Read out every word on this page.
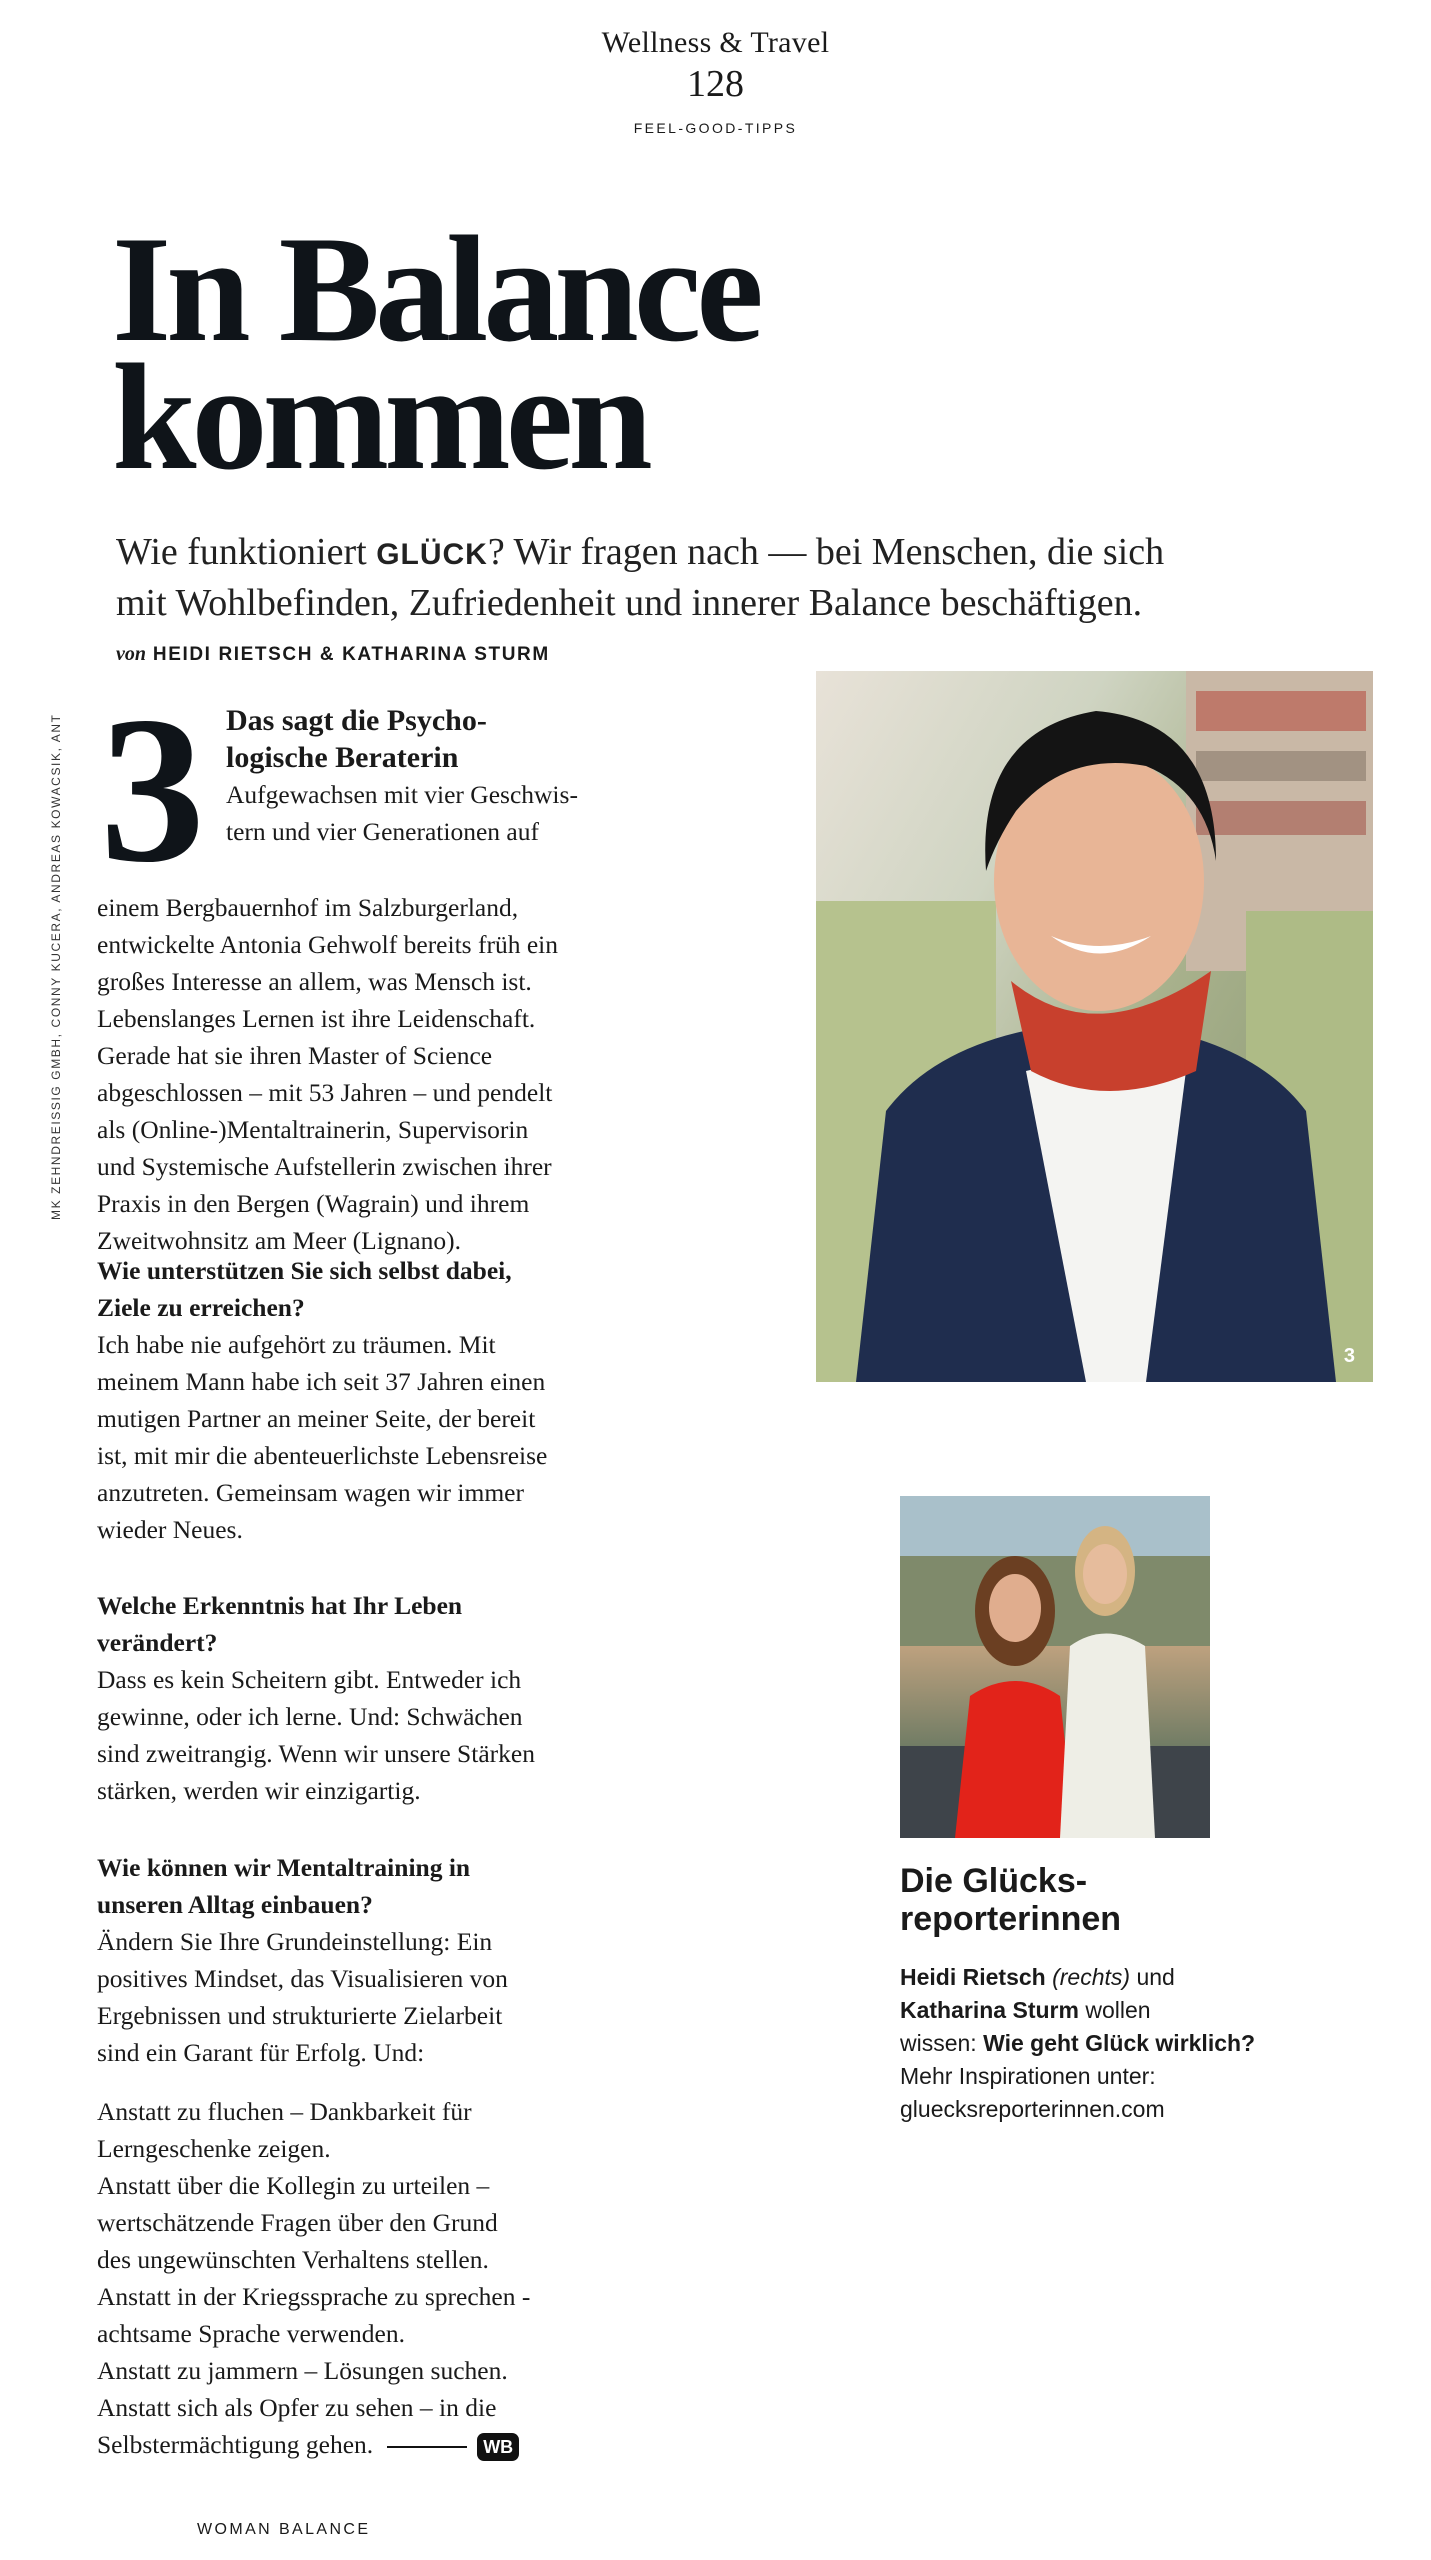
Wellness & Travel
128
FEEL-GOOD-TIPPS
In Balance
kommen
Wie funktioniert GLÜCK? Wir fragen nach — bei Menschen, die sich
mit Wohlbefinden, Zufriedenheit und innerer Balance beschäftigen.
von HEIDI RIETSCH & KATHARINA STURM
MK ZEHNDREISSIG GMBH, CONNY KUCERA, ANDREAS KOWACSIK, ANT 3 Das sagt die Psycho-
logische Beraterin
Aufgewachsen mit vier Geschwis-
tern und vier Generationen auf

einem Bergbauernhof im Salzburgerland,

entwickelte Antonia Gehwolf bereits früh ein

großes Interesse an allem, was Mensch ist.

Lebenslanges Lernen ist ihre Leidenschaft.

Gerade hat sie ihren Master of Science

abgeschlossen – mit 53 Jahren – und pendelt

als (Online-)Mentaltrainerin, Supervisorin

und Systemische Aufstellerin zwischen ihrer

Praxis in den Bergen (Wagrain) und ihrem

Zweitwohnsitz am Meer (Lignano).

Wie unterstützen Sie sich selbst dabei,

Ziele zu erreichen?

Ich habe nie aufgehört zu träumen. Mit

meinem Mann habe ich seit 37 Jahren einen

mutigen Partner an meiner Seite, der bereit

ist, mit mir die abenteuerlichste Lebensreise

anzutreten. Gemeinsam wagen wir immer

wieder Neues.

Welche Erkenntnis hat Ihr Leben

verändert?

Dass es kein Scheitern gibt. Entweder ich

gewinne, oder ich lerne. Und: Schwächen

sind zweitrangig. Wenn wir unsere Stärken

stärken, werden wir einzigartig.

Wie können wir Mentaltraining in

unseren Alltag einbauen?

Ändern Sie Ihre Grundeinstellung: Ein

positives Mindset, das Visualisieren von

Ergebnissen und strukturierte Zielarbeit

sind ein Garant für Erfolg. Und:

Anstatt zu fluchen – Dankbarkeit für

Lerngeschenke zeigen.

Anstatt über die Kollegin zu urteilen –

wertschätzende Fragen über den Grund

des ungewünschten Verhaltens stellen.

Anstatt in der Kriegssprache zu sprechen -

achtsame Sprache verwenden.

Anstatt zu jammern – Lösungen suchen.

Anstatt sich als Opfer zu sehen – in die

Selbstermächtigung gehen.	WB

3
Die Glücks-
reporterinnen
Heidi Rietsch (rechts) und
Katharina Sturm wollen
wissen: Wie geht Glück wirklich?
Mehr Inspirationen unter:
gluecksreporterinnen.com
WOMAN BALANCE
